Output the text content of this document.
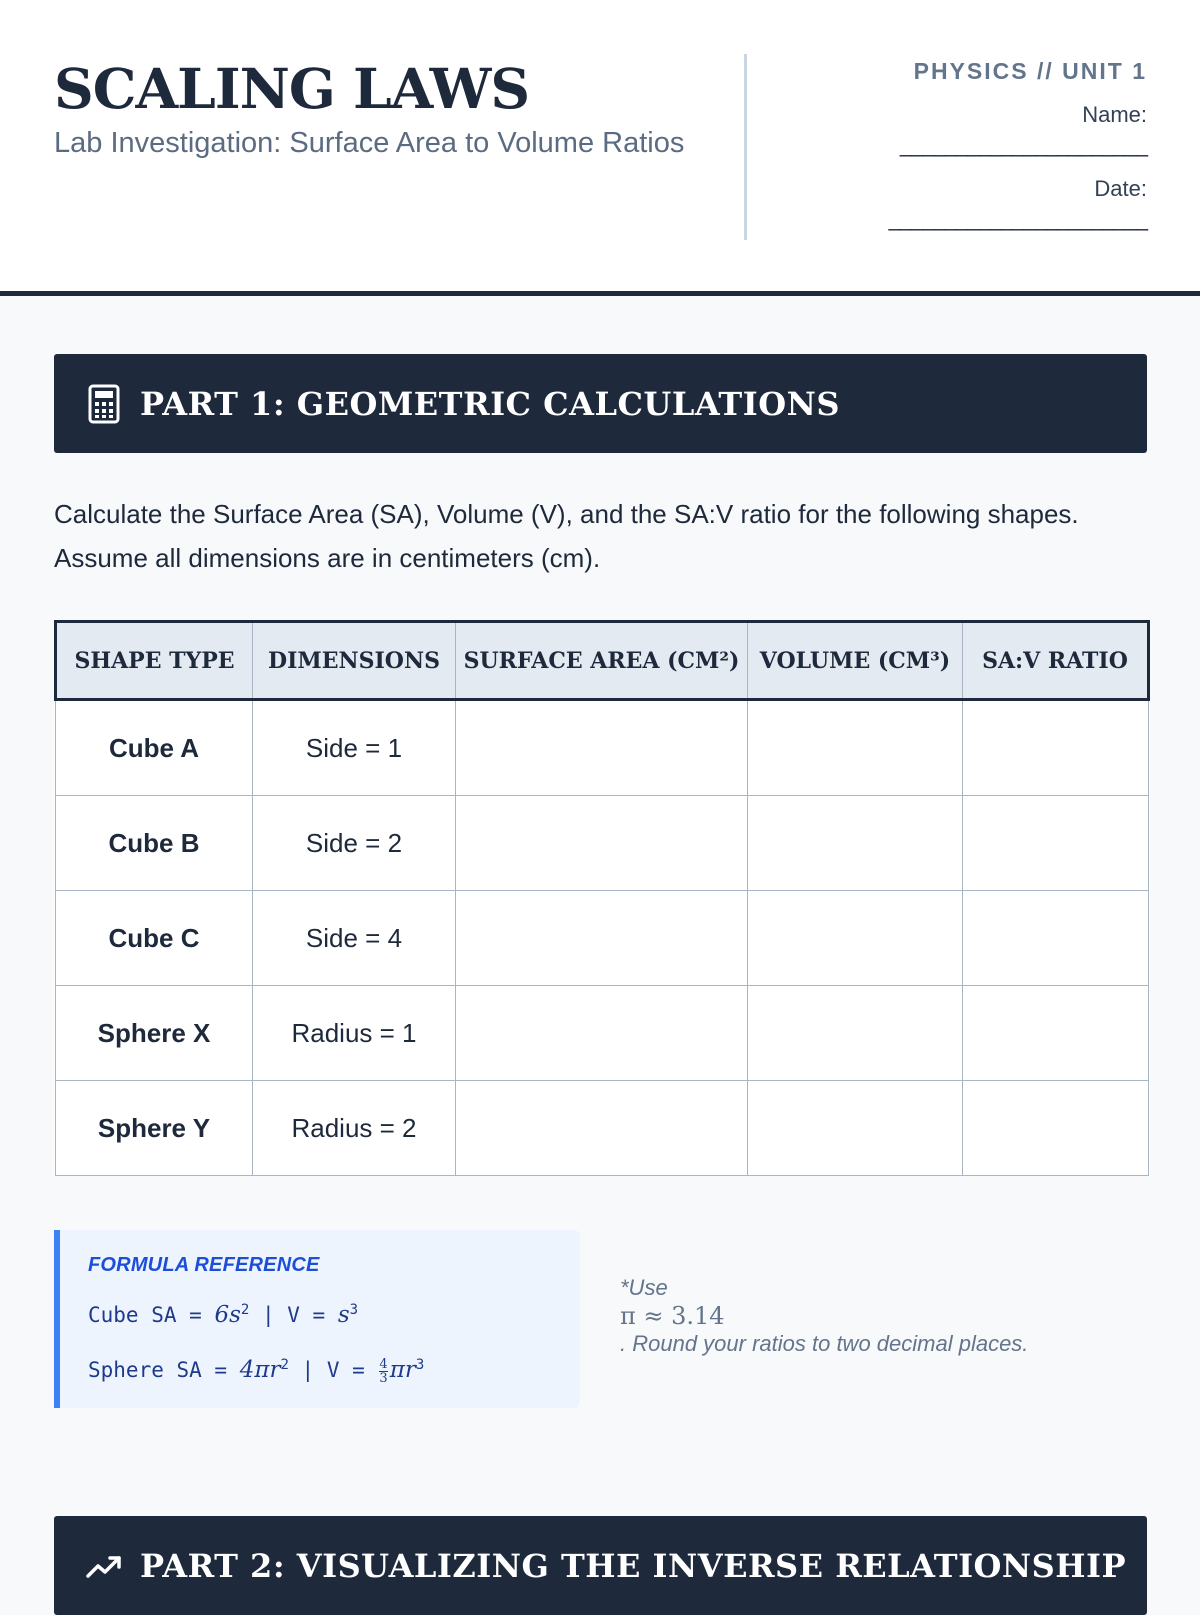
SCALING LAWS
Lab Investigation: Surface Area to Volume Ratios
PHYSICS // UNIT 1
Name:
______________________
Date:
_______________________
PART 1: GEOMETRIC CALCULATIONS

Calculate the Surface Area (SA), Volume (V), and the SA:V ratio for the following shapes. Assume all dimensions are in centimeters (cm).

SHAPE TYPE	DIMENSIONS	SURFACE AREA (CM²)	VOLUME (CM³)	SA:V RATIO
Cube A	Side = 1			
Cube B	Side = 2			
Cube C	Side = 4			
Sphere X	Radius = 1			
Sphere Y	Radius = 2			
FORMULA REFERENCE
Cube SA = $6s^2$ | $V = s^3$
Sphere SA = $4\pi r^2$ | $V = \frac{4}{3} \pi r^3$
*Use
π ≈ 3.14
. Round your ratios to two decimal places.
PART 2: VISUALIZING THE INVERSE RELATIONSHIP
